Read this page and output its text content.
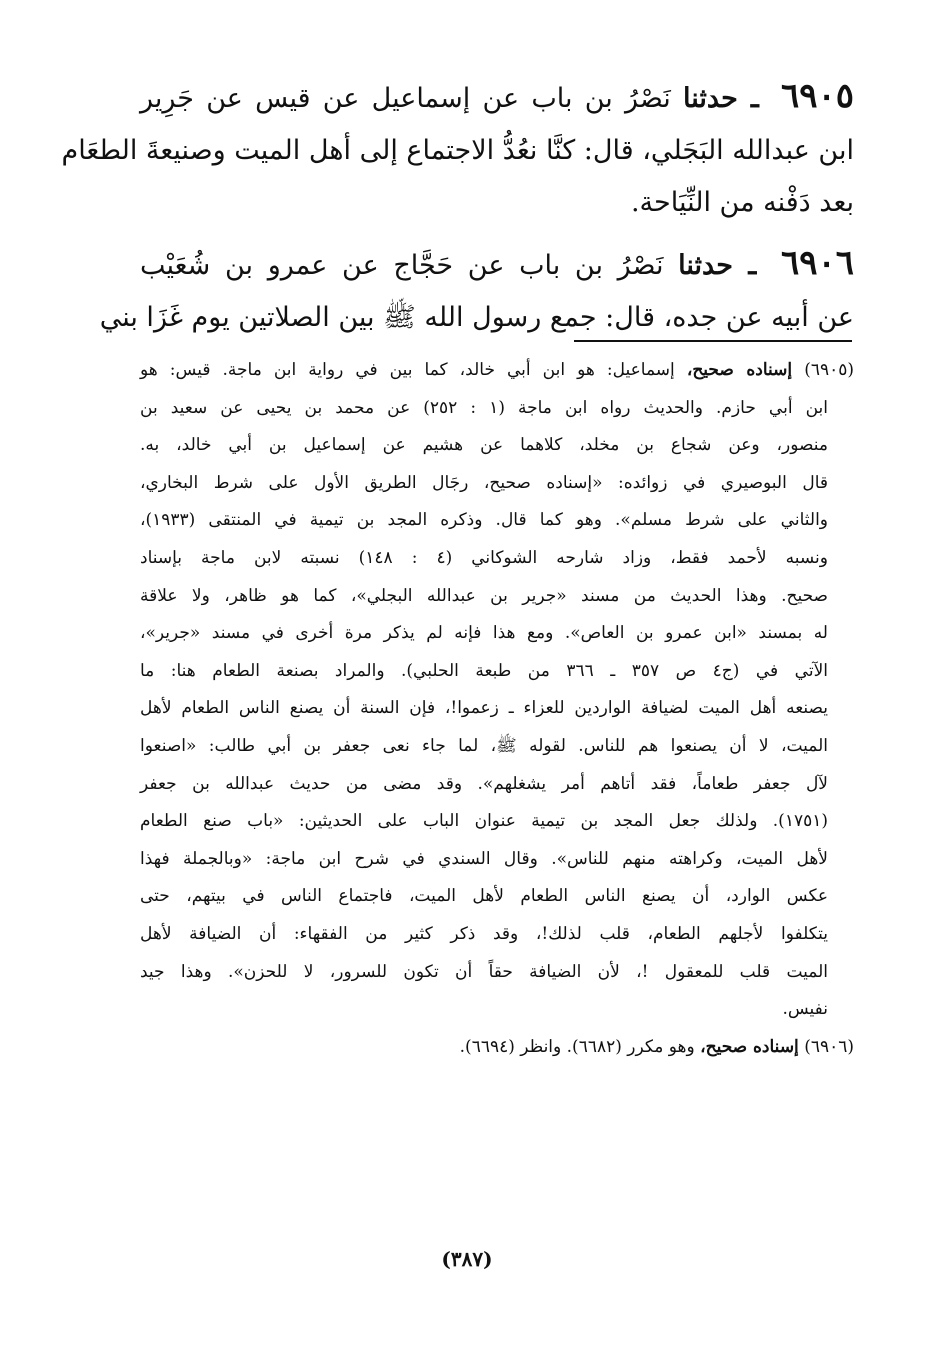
٦٩٠٥ ـ حدثنا نَصْرُ بن باب عن إسماعيل عن قيس عن جَرِير
ابن عبدالله البَجَلي، قال: كنَّا نعُدُّ الاجتماع إلى أهل الميت وصنيعةَ الطعَام
بعد دَفْنه من النِّيَاحة.
٦٩٠٦ ـ حدثنا نَصْرُ بن باب عن حَجَّاج عن عمرو بن شُعَيْب
عن أبيه عن جده، قال: جمع رسول الله ﷺ بين الصلاتين يوم غَزَا بني
(٦٩٠٥) إسناده صحيح، إسماعيل: هو ابن أبي خالد، كما بين في رواية ابن ماجة. قيس: هو
ابن أبي حازم. والحديث رواه ابن ماجة (١ : ٢٥٢) عن محمد بن يحيى عن سعيد بن
منصور، وعن شجاع بن مخلد، كلاهما عن هشيم عن إسماعيل بن أبي خالد، به.
قال البوصيري في زوائده: «إسناده صحيح، رجَال الطريق الأول على شرط البخاري،
والثاني على شرط مسلم». وهو كما قال. وذكره المجد بن تيمية في المنتقى (١٩٣٣)،
ونسبه لأحمد فقط، وزاد شارحه الشوكاني (٤ : ١٤٨) نسبته لابن ماجة بإسناد
صحيح. وهذا الحديث من مسند «جرير بن عبدالله البجلي»، كما هو ظاهر، ولا علاقة
له بمسند «ابن عمرو بن العاص». ومع هذا فإنه لم يذكر مرة أخرى في مسند «جرير»،
الآتي في (ج٤ ص ٣٥٧ ـ ٣٦٦ من طبعة الحلبي). والمراد بصنعة الطعام هنا: ما
يصنعه أهل الميت لضيافة الواردين للعزاء ـ زعموا!، فإن السنة أن يصنع الناس الطعام لأهل
الميت، لا أن يصنعوا هم للناس. لقوله ﷺ، لما جاء نعى جعفر بن أبي طالب: «اصنعوا
لآل جعفر طعاماً، فقد أتاهم أمر يشغلهم». وقد مضى من حديث عبدالله بن جعفر
(١٧٥١). ولذلك جعل المجد بن تيمية عنوان الباب على الحديثين: «باب صنع الطعام
لأهل الميت، وكراهته منهم للناس». وقال السندي في شرح ابن ماجة: «وبالجملة فهذا
عكس الوارد، أن يصنع الناس الطعام لأهل الميت، فاجتماع الناس في بيتهم، حتى
يتكلفوا لأجلهم الطعام، قلب لذلك!، وقد ذكر كثير من الفقهاء: أن الضيافة لأهل
الميت قلب للمعقول !، لأن الضيافة حقاً أن تكون للسرور، لا للحزن». وهذا جيد
نفيس.
(٦٩٠٦) إسناده صحيح، وهو مكرر (٦٦٨٢). وانظر (٦٦٩٤).
(٣٨٧)
